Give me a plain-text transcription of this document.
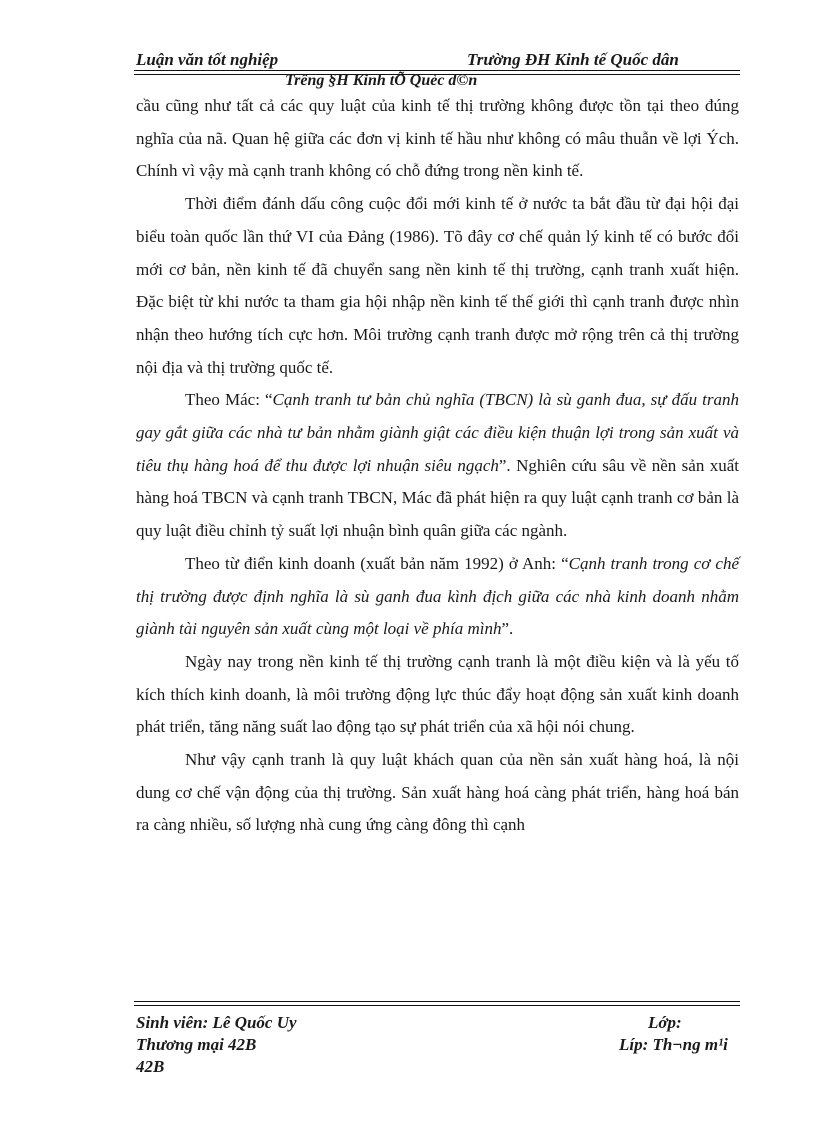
Luận văn tốt nghiệp	Trường ĐH Kinh tế Quốc dân
Trêng §H Kinh tÕ Quèc d©n

cầu cũng như tất cả các quy luật của kinh tế thị trường không được tồn tại theo đúng nghĩa của nã. Quan hệ giữa các đơn vị kinh tế hầu như không có mâu thuẫn về lợi Ých. Chính vì vậy mà cạnh tranh không có chỗ đứng trong nền kinh tế.

Thời điểm đánh dấu công cuộc đổi mới kinh tế ở nước ta bắt đầu từ đại hội đại biểu toàn quốc lần thứ VI của Đảng (1986). Tõ đây cơ chế quản lý kinh tế có bước đổi mới cơ bản, nền kinh tế đã chuyển sang nền kinh tế thị trường, cạnh tranh xuất hiện. Đặc biệt từ khi nước ta tham gia hội nhập nền kinh tế thế giới thì cạnh tranh được nhìn nhận theo hướng tích cực hơn. Môi trường cạnh tranh được mở rộng trên cả thị trường nội địa và thị trường quốc tế.

Theo Mác: “Cạnh tranh tư bản chủ nghĩa (TBCN) là sù ganh đua, sự đấu tranh gay gắt giữa các nhà tư bản nhằm giành giật các điều kiện thuận lợi trong sản xuất và tiêu thụ hàng hoá để thu được lợi nhuận siêu ngạch”. Nghiên cứu sâu về nền sản xuất hàng hoá TBCN và cạnh tranh TBCN, Mác đã phát hiện ra quy luật cạnh tranh cơ bản là quy luật điều chỉnh tỷ suất lợi nhuận bình quân giữa các ngành.

Theo từ điển kinh doanh (xuất bản năm 1992) ở Anh: “Cạnh tranh trong cơ chế thị trường được định nghĩa là sù ganh đua kình địch giữa các nhà kinh doanh nhằm giành tài nguyên sản xuất cùng một loại về phía mình”.

Ngày nay trong nền kinh tế thị trường cạnh tranh là một điều kiện và là yếu tố kích thích kinh doanh, là môi trường động lực thúc đẩy hoạt động sản xuất kinh doanh phát triển, tăng năng suất lao động tạo sự phát triển của xã hội nói chung.

Như vậy cạnh tranh là quy luật khách quan của nền sản xuất hàng hoá, là nội dung cơ chế vận động của thị trường. Sản xuất hàng hoá càng phát triển, hàng hoá bán ra càng nhiều, số lượng nhà cung ứng càng đông thì cạnh

Sinh viên: Lê Quốc Uy	Lớp:
Thương mại 42B	Líp: Th¬ng m¹i
42B
